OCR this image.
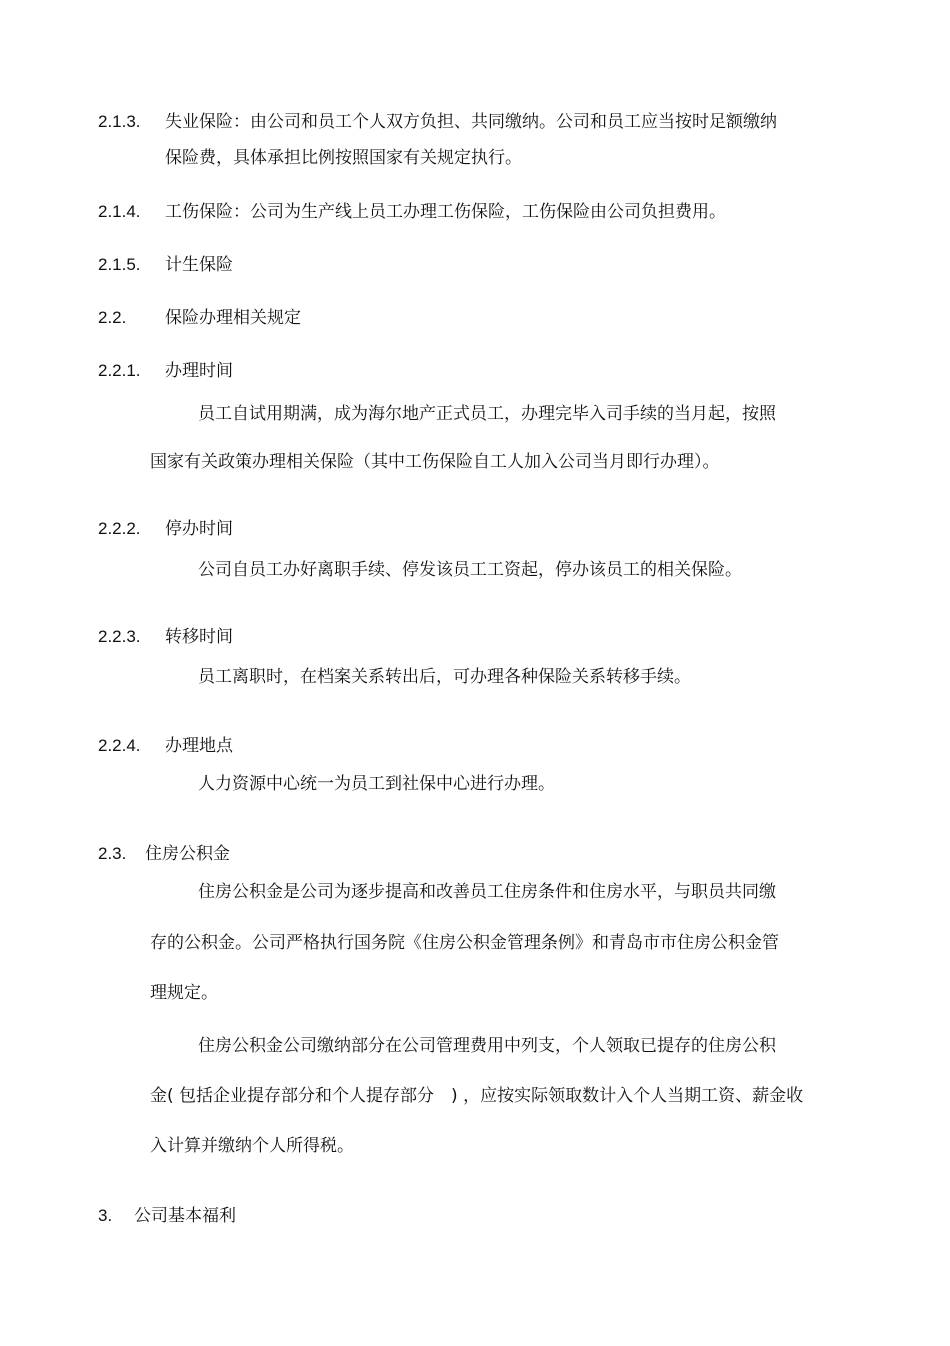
2.1.3. 失业保险：由公司和员工个人双方负担、共同缴纳。公司和员工应当按时足额缴纳
保险费，具体承担比例按照国家有关规定执行。
2.1.4. 工伤保险：公司为生产线上员工办理工伤保险，工伤保险由公司负担费用。
2.1.5. 计生保险
2.2. 保险办理相关规定
2.2.1. 办理时间
员工自试用期满，成为海尔地产正式员工，办理完毕入司手续的当月起，按照
国家有关政策办理相关保险（其中工伤保险自工人加入公司当月即行办理）。
2.2.2. 停办时间
公司自员工办好离职手续、停发该员工工资起，停办该员工的相关保险。
2.2.3. 转移时间
员工离职时，在档案关系转出后，可办理各种保险关系转移手续。
2.2.4. 办理地点
人力资源中心统一为员工到社保中心进行办理。
2.3. 住房公积金
住房公积金是公司为逐步提高和改善员工住房条件和住房水平，与职员共同缴
存的公积金。公司严格执行国务院《住房公积金管理条例》和青岛市市住房公积金管
理规定。
住房公积金公司缴纳部分在公司管理费用中列支，个人领取已提存的住房公积
金( 包括企业提存部分和个人提存部分　) ，应按实际领取数计入个人当期工资、薪金收
入计算并缴纳个人所得税。
3. 公司基本福利
